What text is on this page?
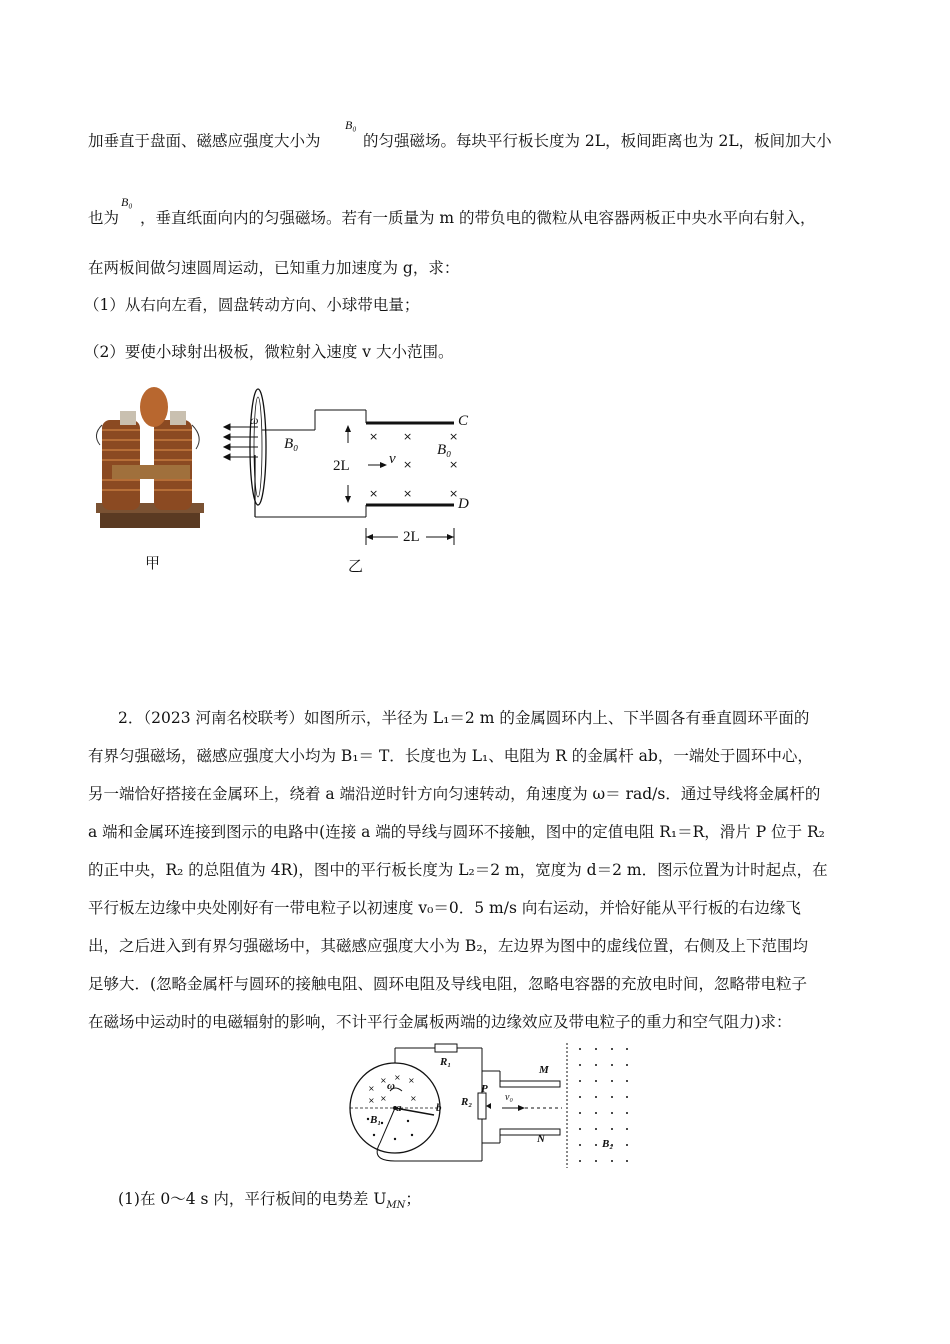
加垂直于盘面、磁感应强度大小为
B₀
的匀强磁场。每块平行板长度为 2L，板间距离也为 2L，板间加大小
也为
B₀
，垂直纸面向内的匀强磁场。若有一质量为 m 的带负电的微粒从电容器两板正中央水平向右射入，
在两板间做匀速圆周运动，已知重力加速度为 g，求：
（1）从右向左看，圆盘转动方向、小球带电量；
（2）要使小球射出极板，微粒射入速度 v 大小范围。
甲
× ×	×
×	×
× ×	×
ω
B₀
C
D
B₀
2L	v
2L
乙
2．（2023 河南名校联考）如图所示，半径为 L₁＝2 m 的金属圆环内上、下半圆各有垂直圆环平面的
有界匀强磁场，磁感应强度大小均为 B₁＝ T．长度也为 L₁、电阻为 R 的金属杆 ab，一端处于圆环中心，
另一端恰好搭接在金属环上，绕着 a 端沿逆时针方向匀速转动，角速度为 ω＝ rad/s．通过导线将金属杆的
a 端和金属环连接到图示的电路中(连接 a 端的导线与圆环不接触，图中的定值电阻 R₁＝R，滑片 P 位于 R₂
的正中央，R₂ 的总阻值为 4R)，图中的平行板长度为 L₂＝2 m，宽度为 d＝2 m．图示位置为计时起点，在
平行板左边缘中央处刚好有一带电粒子以初速度 v₀＝0．5 m/s 向右运动，并恰好能从平行板的右边缘飞
出，之后进入到有界匀强磁场中，其磁感应强度大小为 B₂，左边界为图中的虚线位置，右侧及上下范围均
足够大．(忽略金属杆与圆环的接触电阻、圆环电阻及导线电阻，忽略电容器的充放电时间，忽略带电粒子
在磁场中运动时的电磁辐射的影响，不计平行金属板两端的边缘效应及带电粒子的重力和空气阻力)求：
×
× × ×
× ×	×
R₁
R₂
P
M
N
v₀
ω
a	b
B₁
B₂
(1)在 0～4 s 内，平行板间的电势差 $U_{MN}$；
